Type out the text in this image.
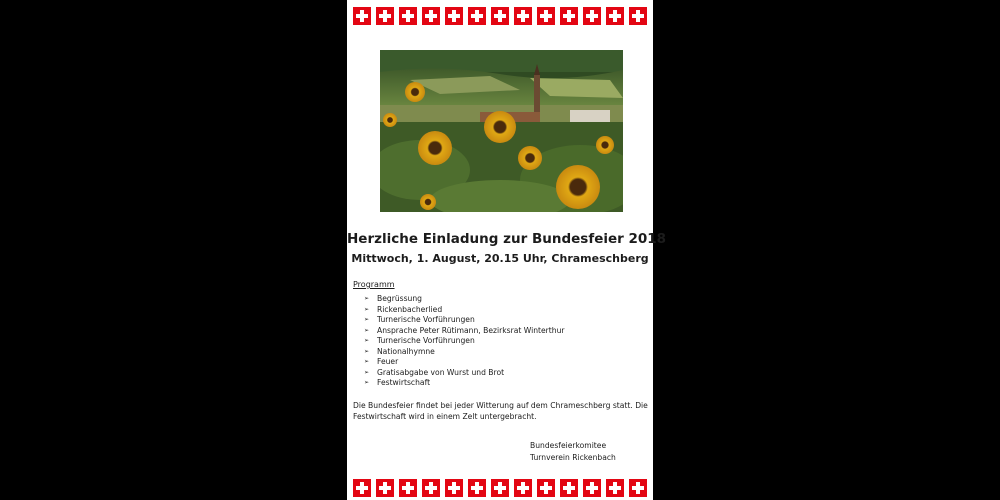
Herzliche Einladung zur Bundesfeier 2018
Mittwoch, 1. August, 20.15 Uhr, Chrameschberg
Programm
➢	Begrüssung
➢	Rickenbacherlied
➢	Turnerische Vorführungen
➢	Ansprache Peter Rütimann, Bezirksrat Winterthur
➢	Turnerische Vorführungen
➢	Nationalhymne
➢	Feuer
➢	Gratisabgabe von Wurst und Brot
➢	Festwirtschaft
Die Bundesfeier findet bei jeder Witterung auf dem Chrameschberg statt. Die Festwirtschaft wird in einem Zelt untergebracht.
Bundesfeierkomitee
Turnverein Rickenbach
